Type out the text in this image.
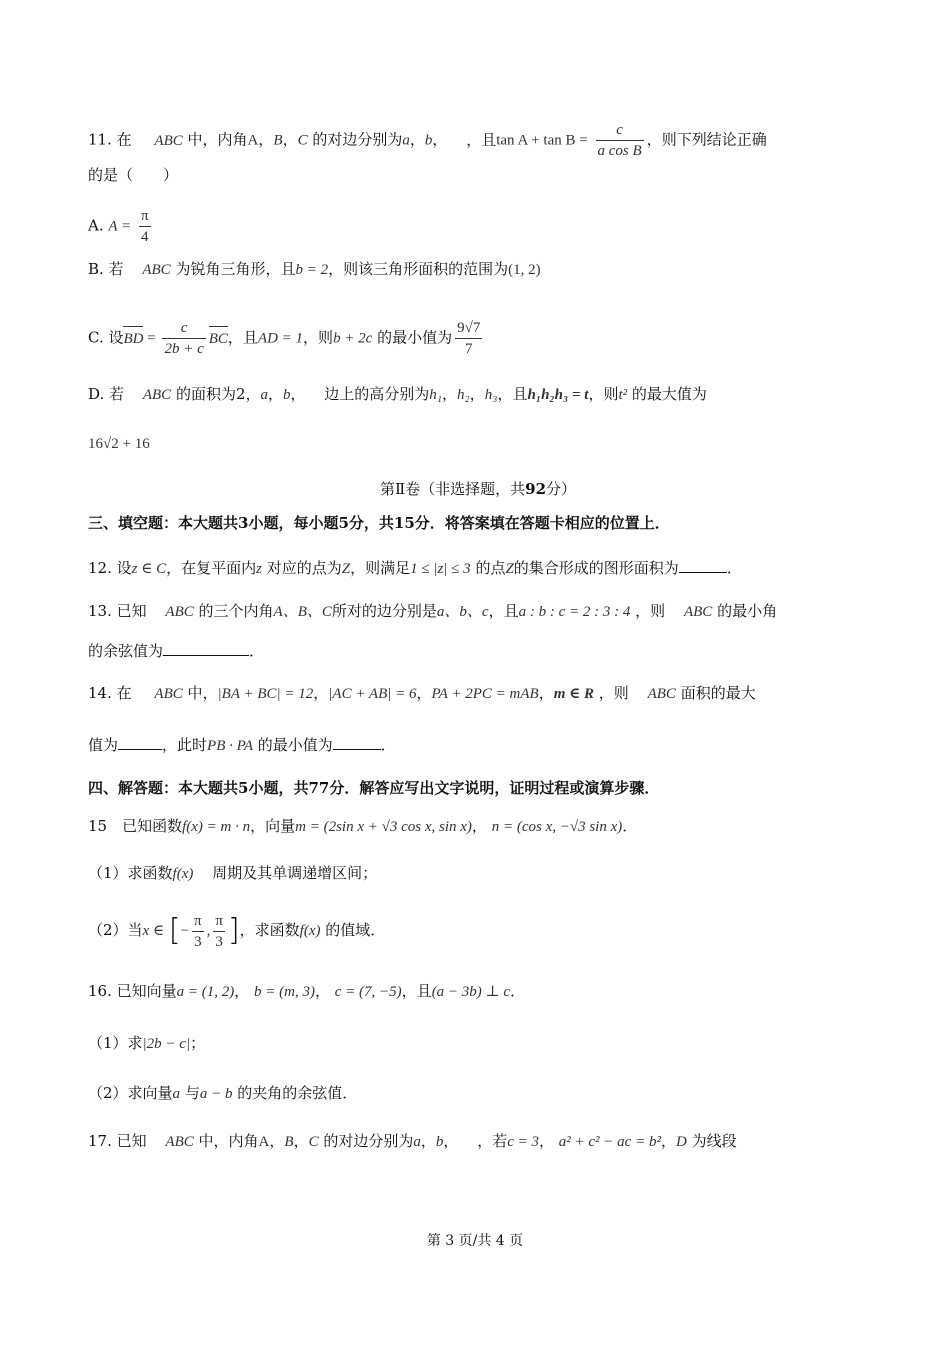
11. 在 ABC 中，内角A，B，C 的对边分别为a，b， ，且$\tan A + \tan B = \frac{c}{\text{a cos B}}$ ，则下列结论正确
的是（　　）
A. $A = \frac{\pi}{4}$
B. 若 ABC 为锐角三角形，且b = 2，则该三角形面积的范围为(1, 2)
C. 设BD = $\frac{c}{2b + c}$ BC，且AD = 1，则b + 2c 的最小值为 $\frac{9√7}{7}$
D. 若 ABC 的面积为2，a，b， 边上的高分别为h₁，h₂，h₃，且h₁h₂h₃ = t，则t² 的最大值为
16√2 + 16
第Ⅱ卷（非选择题，共92分）
三、填空题：本大题共3小题，每小题5分，共15分．将答案填在答题卡相应的位置上．
12. 设z ∈ C，在复平面内z 对应的点为Z，则满足1 ≤ |z| ≤ 3 的点Z的集合形成的图形面积为	．
13. 已知 ABC 的三个内角A、B、C所对的边分别是a、b、c，且a : b : c = 2 : 3 : 4 ，则 ABC 的最小角
的余弦值为	．
14. 在 ABC 中，|BA + BC| = 12，|AC + AB| = 6，PA + 2PC = mAB，m ∈ R ，则 ABC 面积的最大
值为	，此时PB · PA 的最小值为	．
四、解答题：本大题共5小题，共77分．解答应写出文字说明，证明过程或演算步骤．
15　已知函数f(x) = m · n，向量m = (2sin x + √3 cos x, sin x)， n = (cos x, −√3 sin x)．
（1）求函数f(x) 周期及其单调递增区间；
（2）当x ∈ [− $\frac{\pi}{3}$ , $\frac{\pi}{3}$ ]，求函数f(x) 的值域．
16. 已知向量a = (1, 2)， b = (m, 3)， c = (7, −5)，且(a − 3b) ⊥ c．
（1）求|2b − c|；
（2）求向量a 与a − b 的夹角的余弦值．
17. 已知 ABC 中，内角A，B，C 的对边分别为a，b， ，若c = 3， a² + c² − ac = b²，D 为线段
第 3 页/共 4 页
